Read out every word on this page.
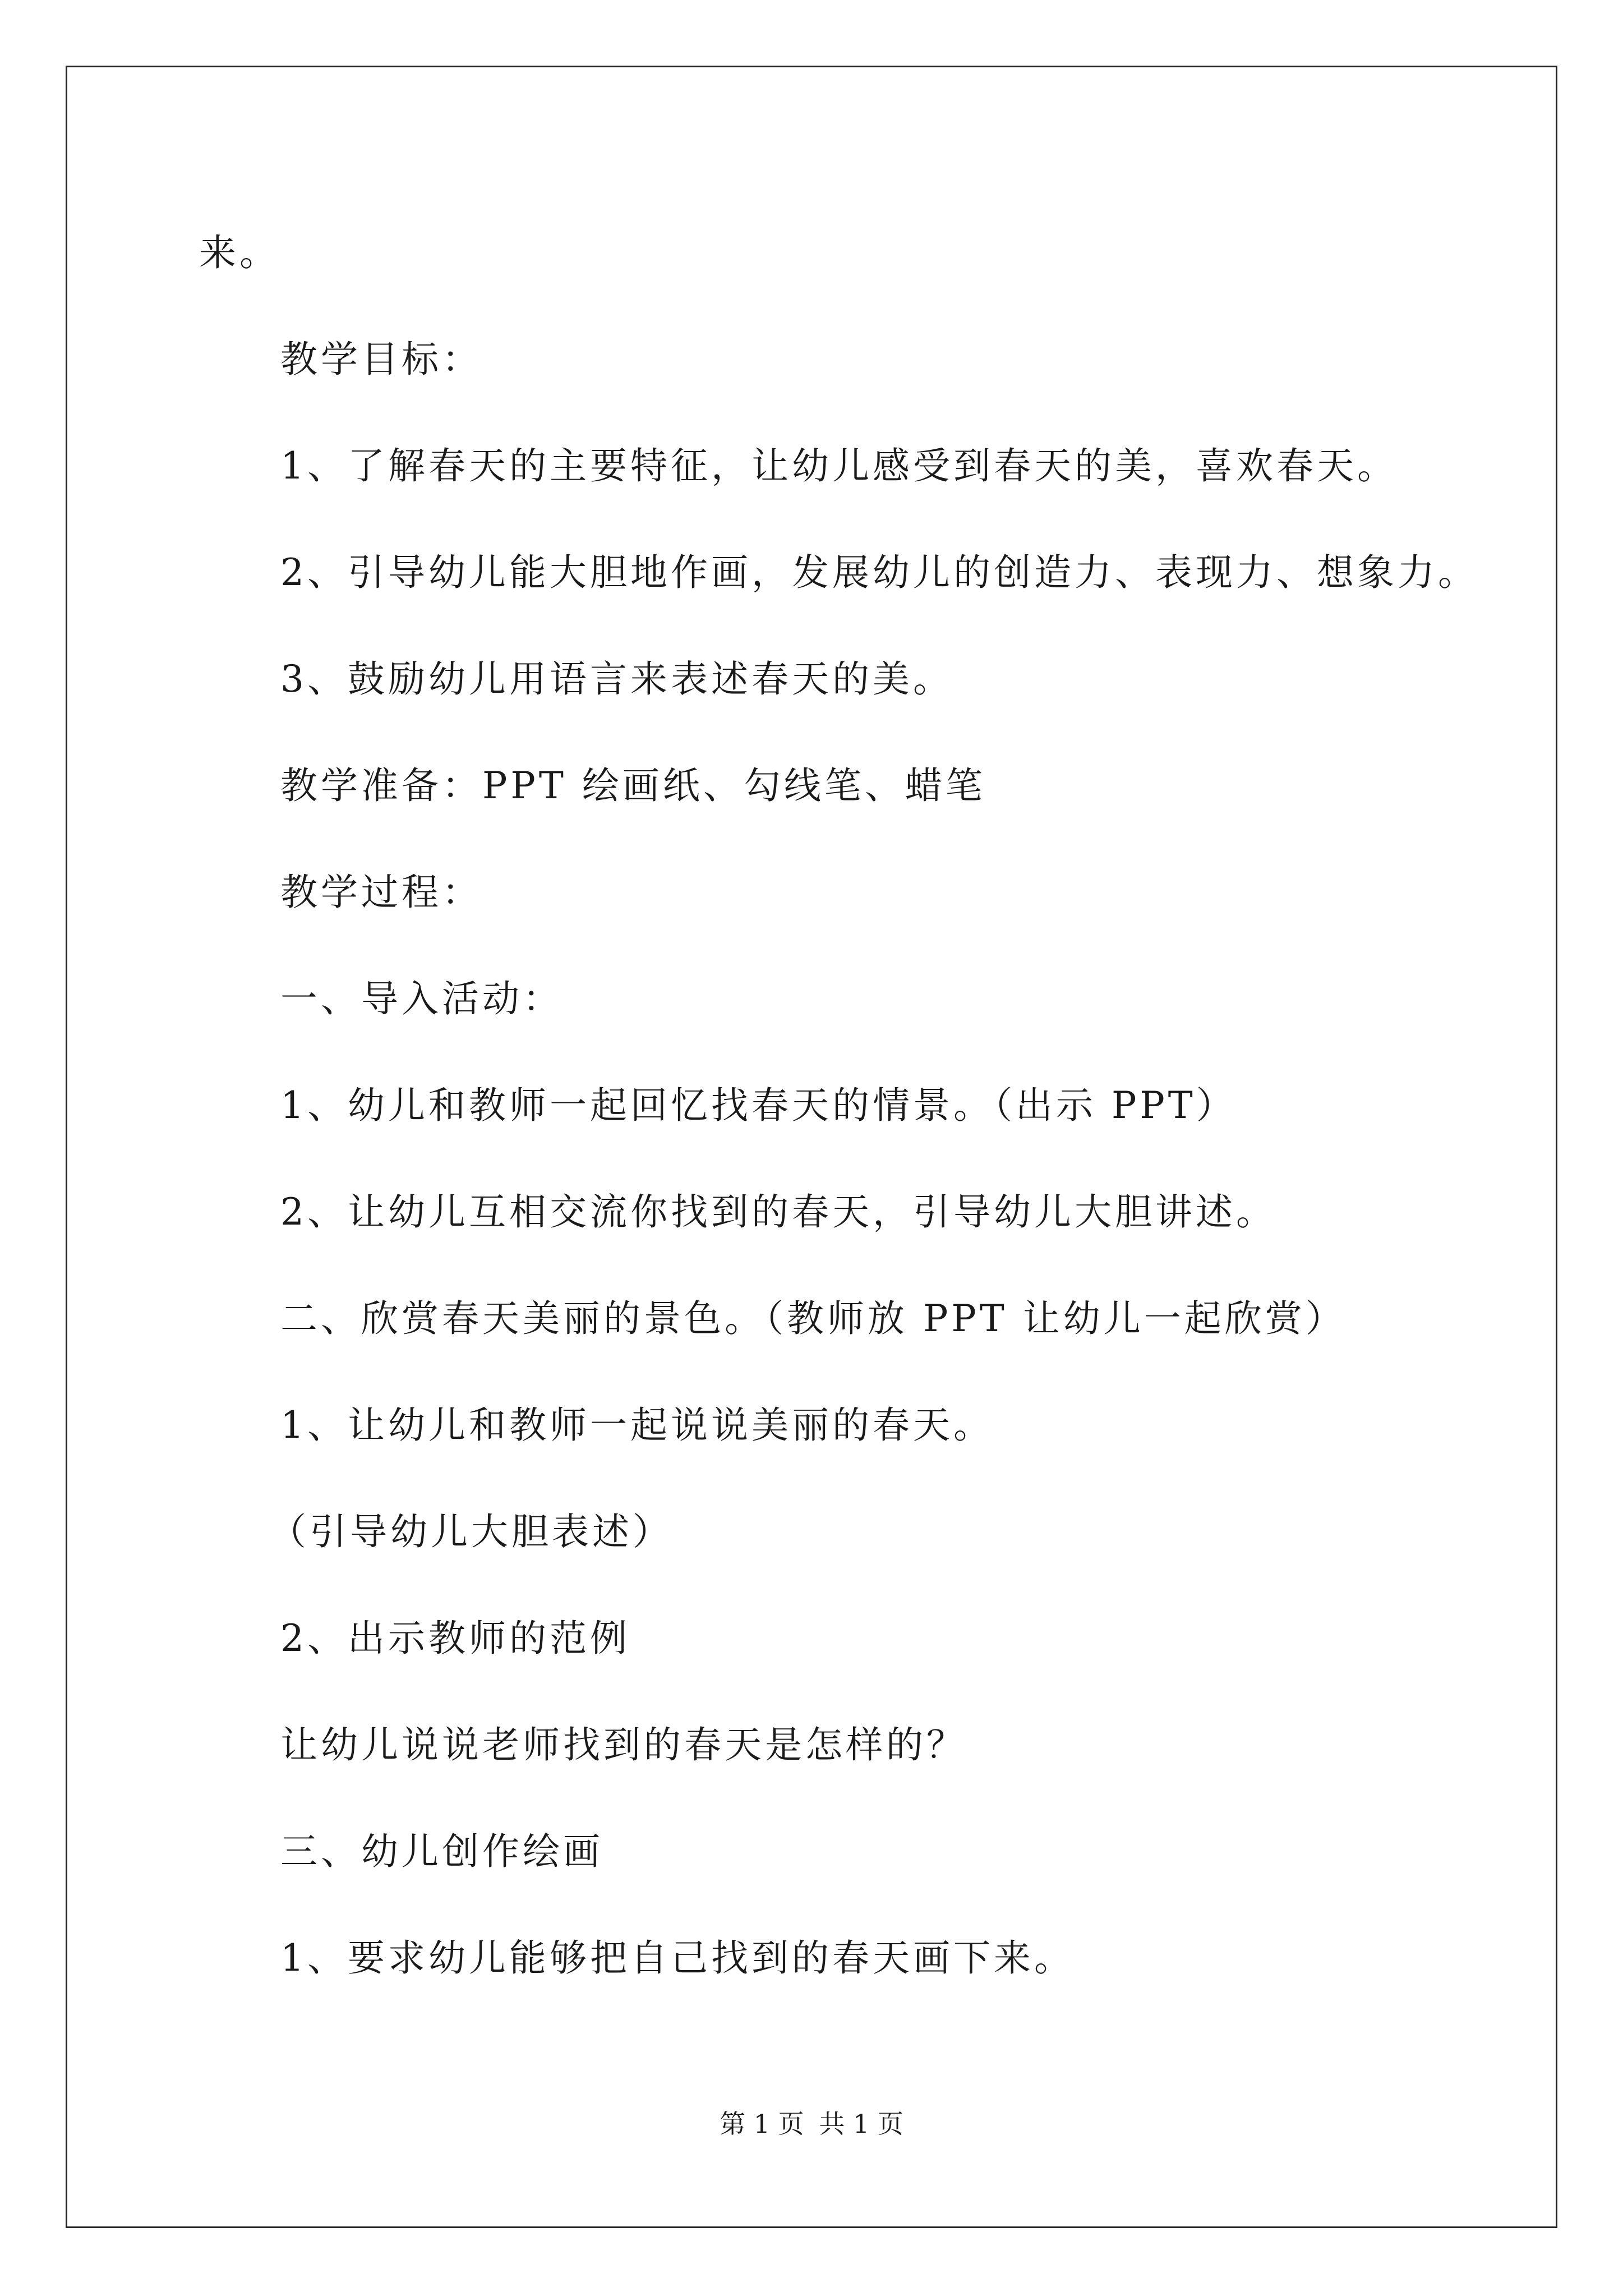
来。
教学目标：
1、了解春天的主要特征，让幼儿感受到春天的美，喜欢春天。
2、引导幼儿能大胆地作画，发展幼儿的创造力、表现力、想象力。
3、鼓励幼儿用语言来表述春天的美。
教学准备：PPT 绘画纸、勾线笔、蜡笔
教学过程：
一、导入活动：
1、幼儿和教师一起回忆找春天的情景。（出示 PPT）
2、让幼儿互相交流你找到的春天，引导幼儿大胆讲述。
二、欣赏春天美丽的景色。（教师放 PPT 让幼儿一起欣赏）
1、让幼儿和教师一起说说美丽的春天。
（引导幼儿大胆表述）
2、出示教师的范例
让幼儿说说老师找到的春天是怎样的？
三、幼儿创作绘画
1、要求幼儿能够把自己找到的春天画下来。
第 1 页 共 1 页
